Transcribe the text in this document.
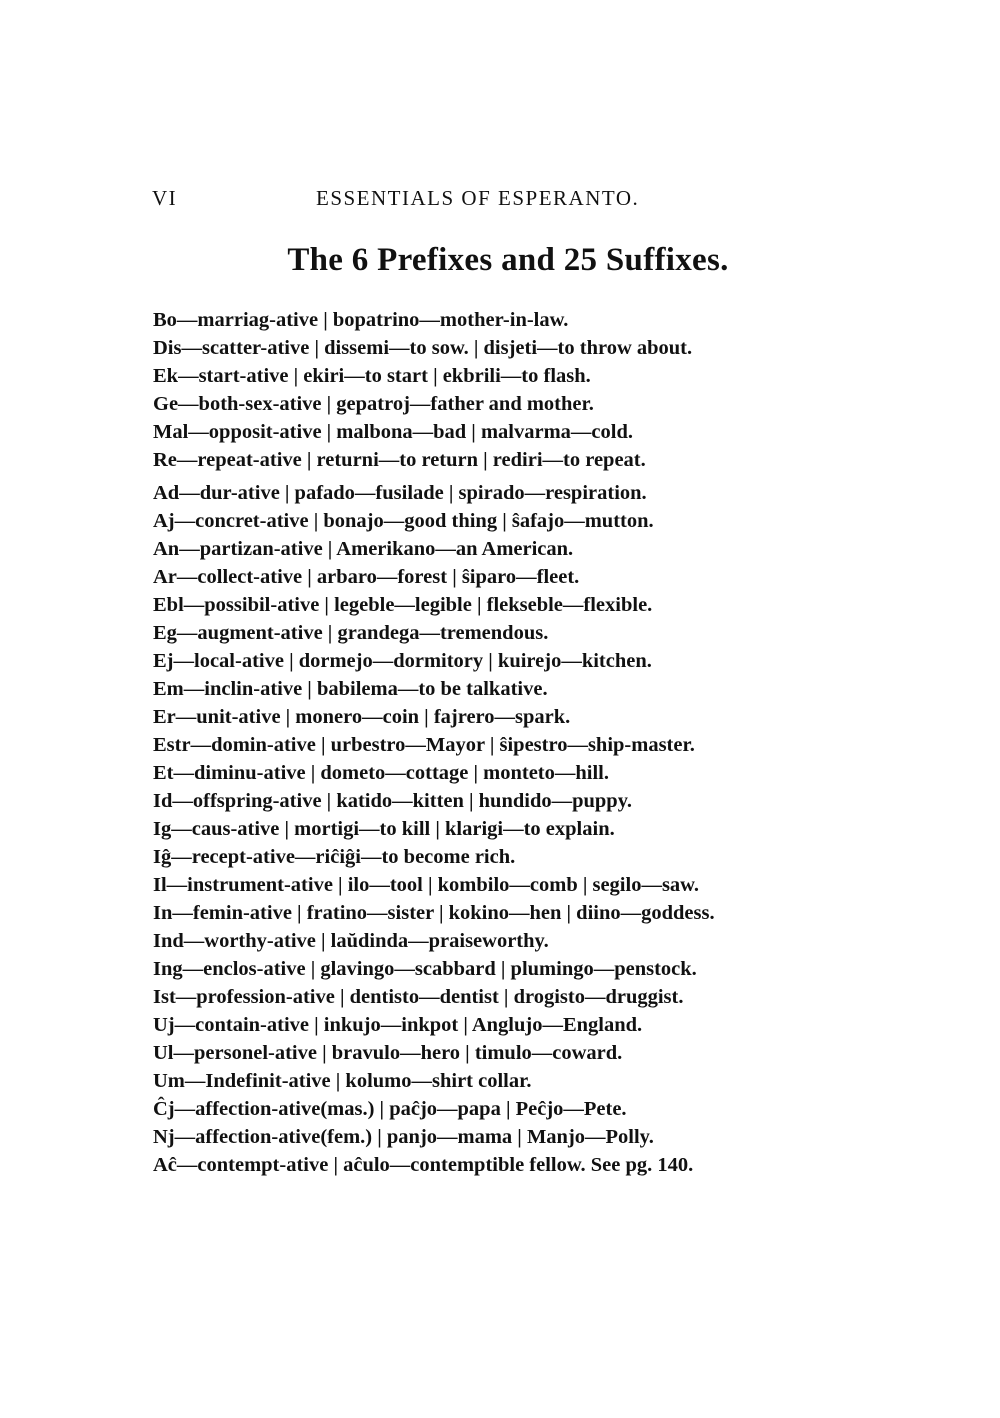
VI	ESSENTIALS OF ESPERANTO.
The 6 Prefixes and 25 Suffixes.
Bo—marriag-ative | bopatrino—mother-in-law.
Dis—scatter-ative | dissemi—to sow. | disjeti—to throw about.
Ek—start-ative | ekiri—to start | ekbrili—to flash.
Ge—both-sex-ative | gepatroj—father and mother.
Mal—opposit-ative | malbona—bad | malvarma—cold.
Re—repeat-ative | returni—to return | rediri—to repeat.
Ad—dur-ative | pafado—fusilade | spirado—respiration.
Aj—concret-ative | bonajo—good thing | ŝafajo—mutton.
An—partizan-ative | Amerikano—an American.
Ar—collect-ative | arbaro—forest | ŝiparo—fleet.
Ebl—possibil-ative | legeble—legible | flekseble—flexible.
Eg—augment-ative | grandega—tremendous.
Ej—local-ative | dormejo—dormitory | kuirejo—kitchen.
Em—inclin-ative | babilema—to be talkative.
Er—unit-ative | monero—coin | fajrero—spark.
Estr—domin-ative | urbestro—Mayor | ŝipestro—ship-master.
Et—diminu-ative | dometo—cottage | monteto—hill.
Id—offspring-ative | katido—kitten | hundido—puppy.
Ig—caus-ative | mortigi—to kill | klarigi—to explain.
Iĝ—recept-ative—riĉiĝi—to become rich.
Il—instrument-ative | ilo—tool | kombilo—comb | segilo—saw.
In—femin-ative | fratino—sister | kokino—hen | diino—goddess.
Ind—worthy-ative | laŭdinda—praiseworthy.
Ing—enclos-ative | glavingo—scabbard | plumingo—penstock.
Ist—profession-ative | dentisto—dentist | drogisto—druggist.
Uj—contain-ative | inkujo—inkpot | Anglujo—England.
Ul—personel-ative | bravulo—hero | timulo—coward.
Um—Indefinit-ative | kolumo—shirt collar.
Ĉj—affection-ative(mas.) | paĉjo—papa | Peĉjo—Pete.
Nj—affection-ative(fem.) | panjo—mama | Manjo—Polly.
Aĉ—contempt-ative | aĉulo—contemptible fellow. See pg. 140.
